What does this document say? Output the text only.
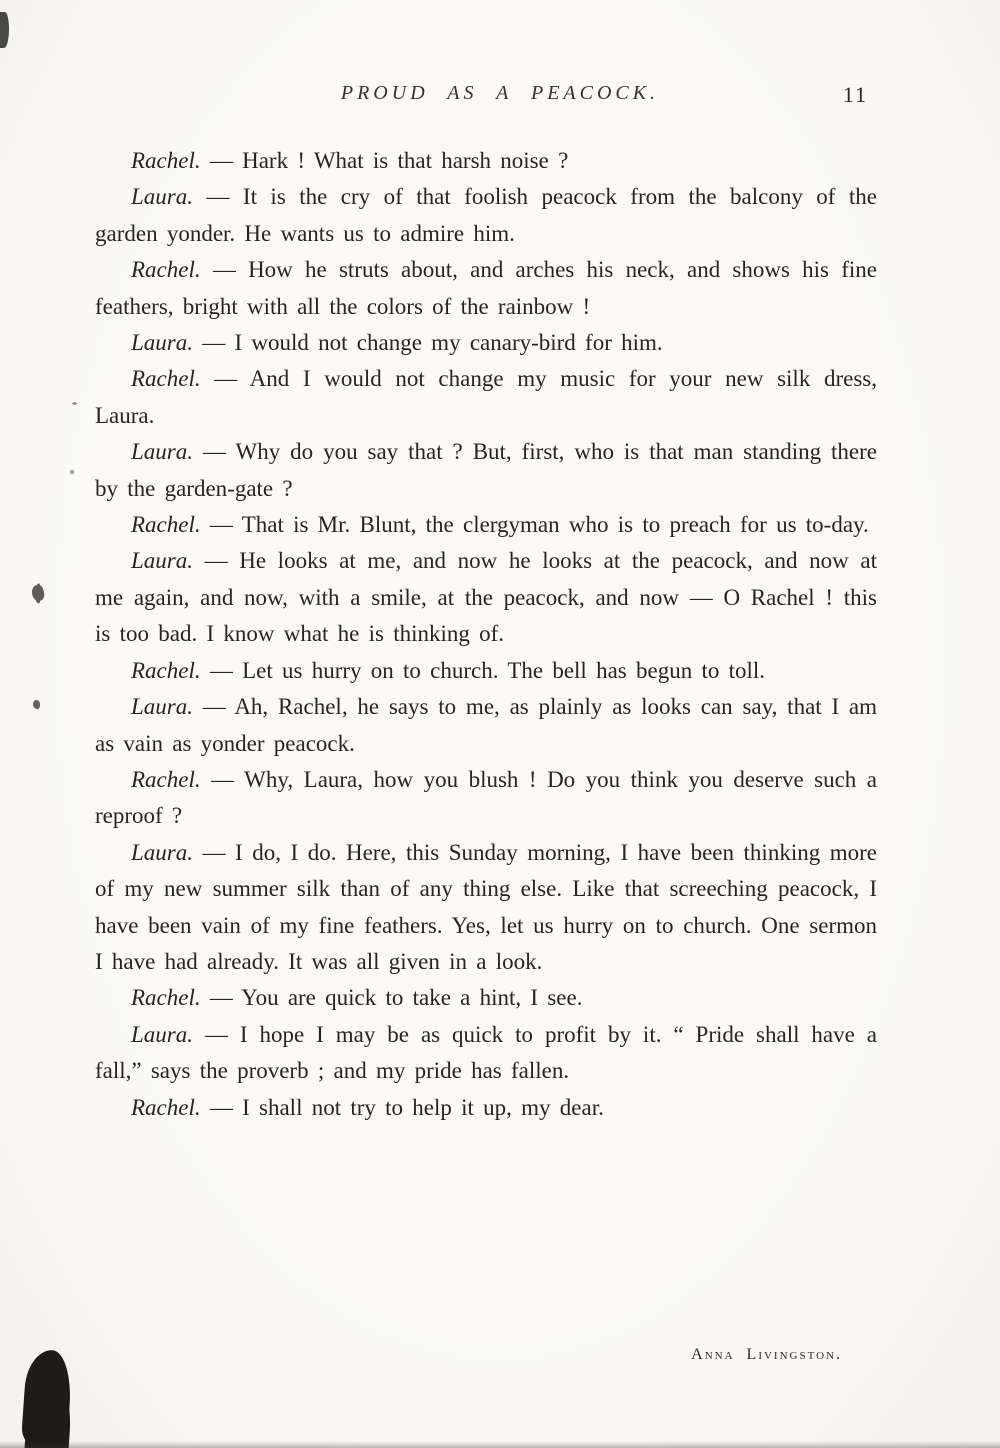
PROUD AS A PEACOCK.	11

Rachel. — Hark ! What is that harsh noise ?

Laura. — It is the cry of that foolish peacock from the balcony of the garden yonder. He wants us to admire him.

Rachel. — How he struts about, and arches his neck, and shows his fine feathers, bright with all the colors of the rainbow !

Laura. — I would not change my canary-bird for him.

Rachel. — And I would not change my music for your new silk dress, Laura.

Laura. — Why do you say that ? But, first, who is that man standing there by the garden-gate ?

Rachel. — That is Mr. Blunt, the clergyman who is to preach for us to-day.

Laura. — He looks at me, and now he looks at the peacock, and now at me again, and now, with a smile, at the peacock, and now — O Rachel ! this is too bad. I know what he is thinking of.

Rachel. — Let us hurry on to church. The bell has begun to toll.

Laura. — Ah, Rachel, he says to me, as plainly as looks can say, that I am as vain as yonder peacock.

Rachel. — Why, Laura, how you blush ! Do you think you deserve such a reproof ?

Laura. — I do, I do. Here, this Sunday morning, I have been thinking more of my new summer silk than of any thing else. Like that screeching peacock, I have been vain of my fine feathers. Yes, let us hurry on to church. One sermon I have had already. It was all given in a look.

Rachel. — You are quick to take a hint, I see.

Laura. — I hope I may be as quick to profit by it. “ Pride shall have a fall,” says the proverb ; and my pride has fallen.

Rachel. — I shall not try to help it up, my dear.

Anna Livingston.
